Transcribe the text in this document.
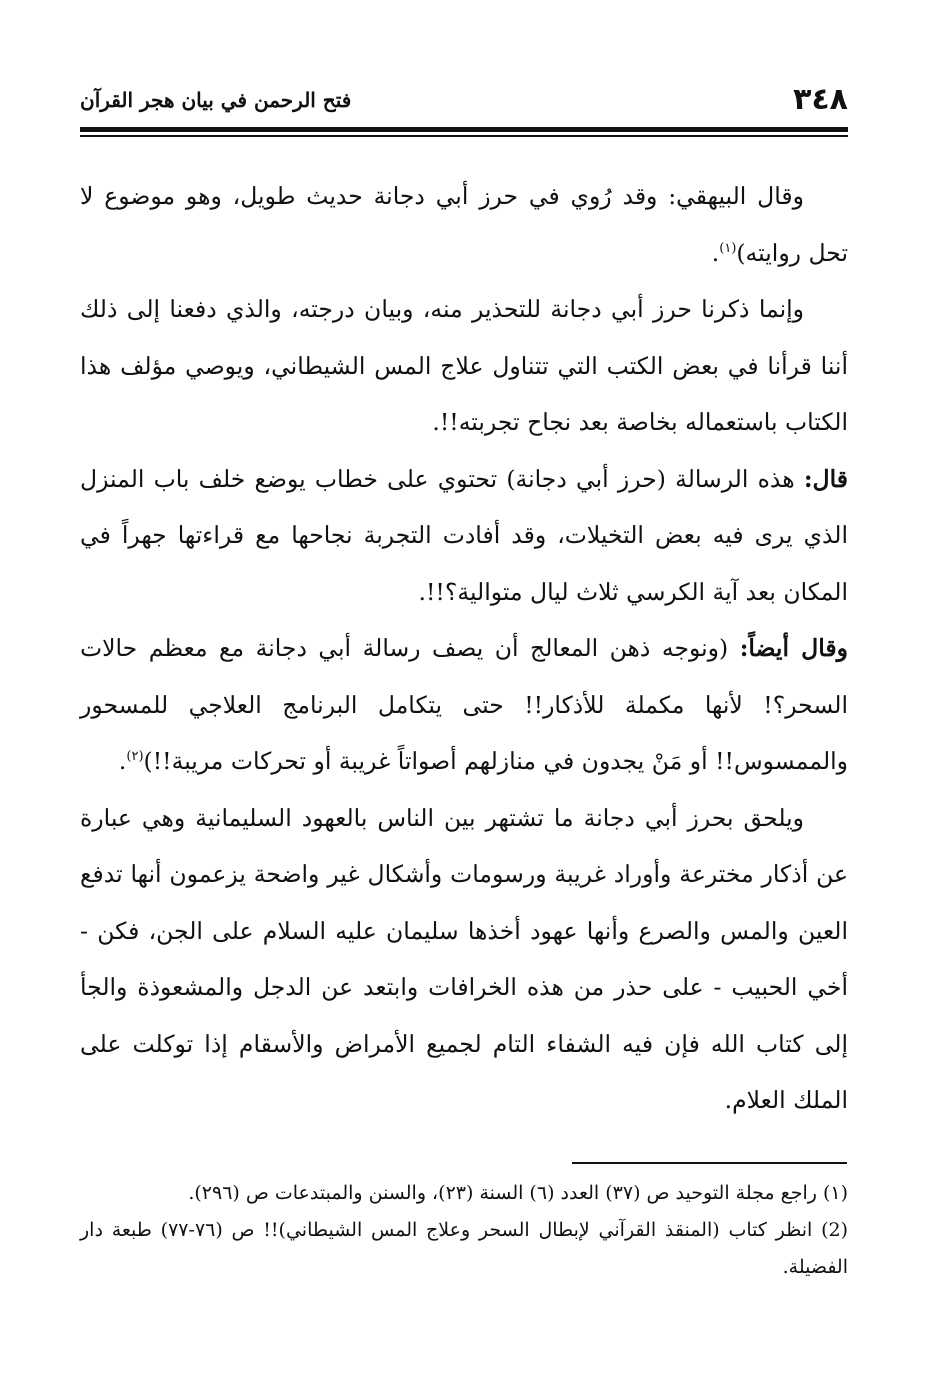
٣٤٨
فتح الرحمن في بيان هجر القرآن

وقال البيهقي: وقد رُوي في حرز أبي دجانة حديث طويل، وهو موضوع لا تحل روايته)$^{(١)}$.

وإنما ذكرنا حرز أبي دجانة للتحذير منه، وبيان درجته، والذي دفعنا إلى ذلك أننا قرأنا في بعض الكتب التي تتناول علاج المس الشيطاني، ويوصي مؤلف هذا الكتاب باستعماله بخاصة بعد نجاح تجربته!!.

قال: هذه الرسالة (حرز أبي دجانة) تحتوي على خطاب يوضع خلف باب المنزل الذي يرى فيه بعض التخيلات، وقد أفادت التجربة نجاحها مع قراءتها جهراً في المكان بعد آية الكرسي ثلاث ليال متوالية؟!!.

وقال أيضاً: (ونوجه ذهن المعالج أن يصف رسالة أبي دجانة مع معظم حالات السحر؟! لأنها مكملة للأذكار!! حتى يتكامل البرنامج العلاجي للمسحور والممسوس!! أو مَنْ يجدون في منازلهم أصواتاً غريبة أو تحركات مريبة!!)$^{(٢)}$.

ويلحق بحرز أبي دجانة ما تشتهر بين الناس بالعهود السليمانية وهي عبارة عن أذكار مخترعة وأوراد غريبة ورسومات وأشكال غير واضحة يزعمون أنها تدفع العين والمس والصرع وأنها عهود أخذها سليمان عليه السلام على الجن، فكن - أخي الحبيب - على حذر من هذه الخرافات وابتعد عن الدجل والمشعوذة والجأ إلى كتاب الله فإن فيه الشفاء التام لجميع الأمراض والأسقام إذا توكلت على الملك العلام.

(١) راجع مجلة التوحيد ص (٣٧) العدد (٦) السنة (٢٣)، والسنن والمبتدعات ص (٢٩٦).

(2) انظر كتاب (المنقذ القرآني لإبطال السحر وعلاج المس الشيطاني)!! ص (٧٦-٧٧) طبعة دار الفضيلة.
